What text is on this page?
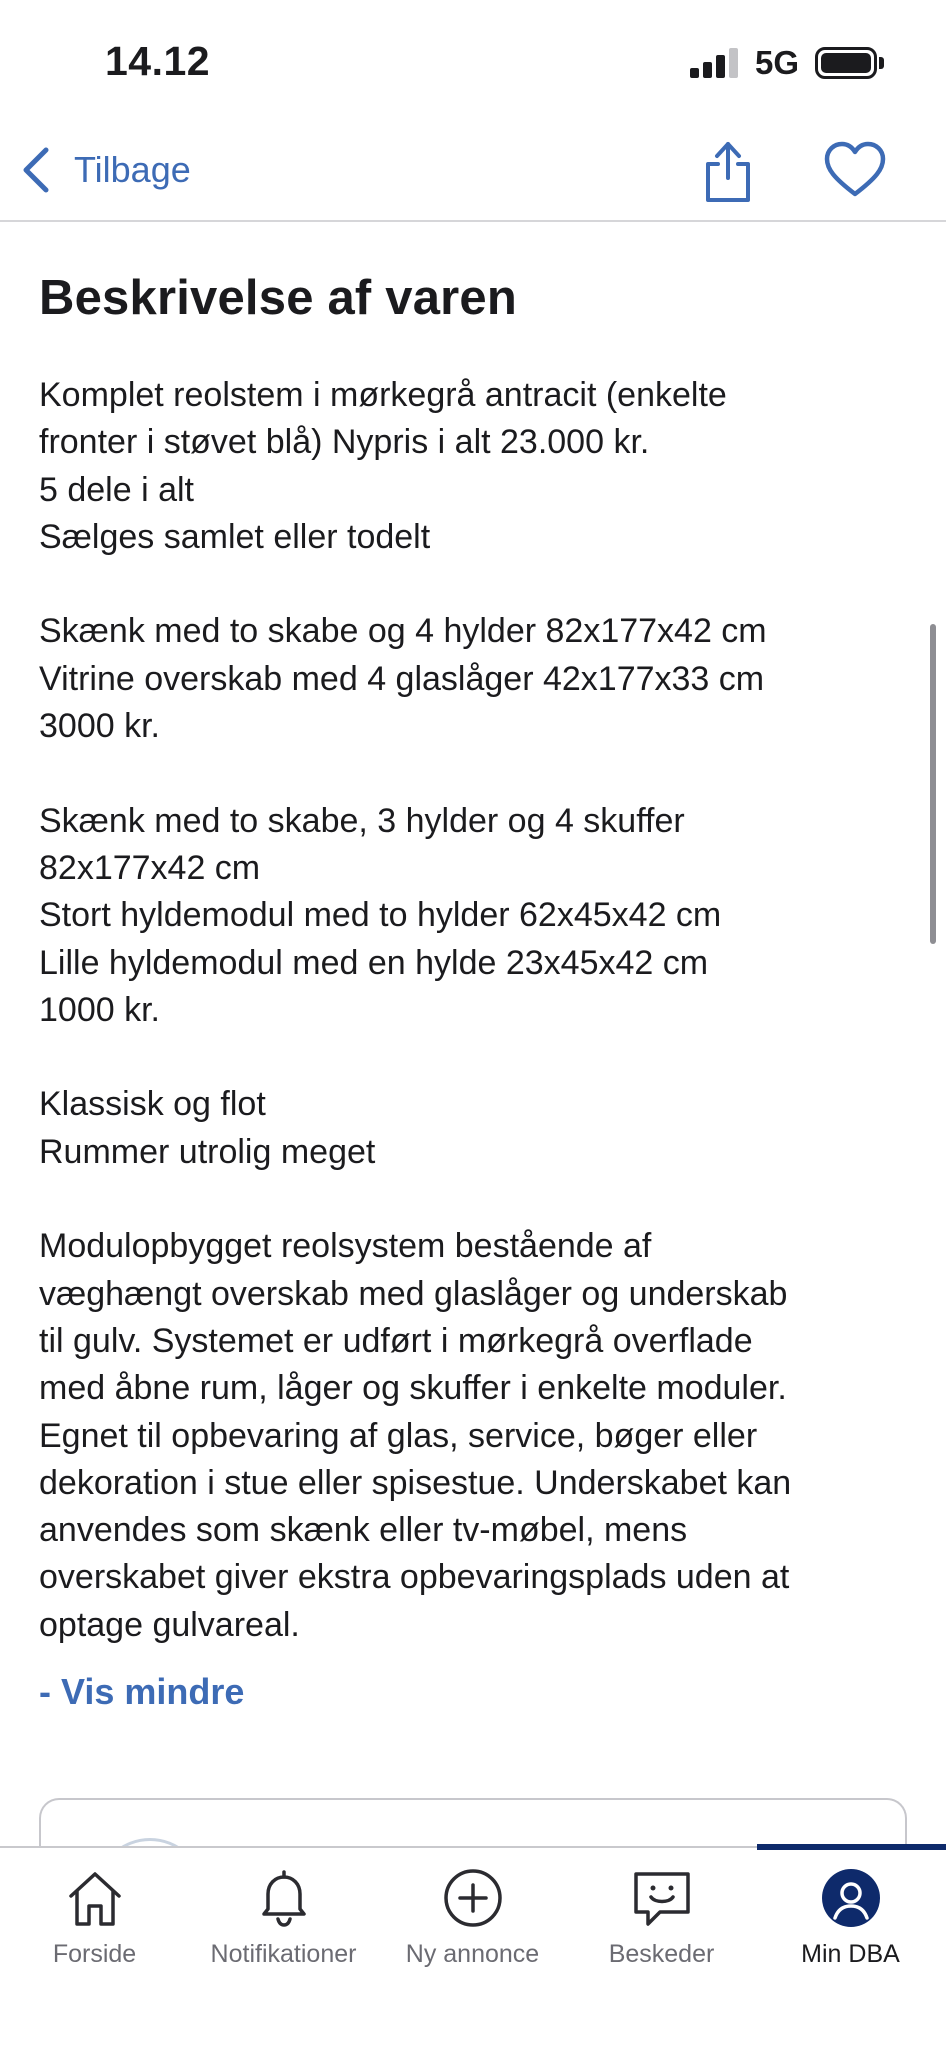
14.12	5G
Tilbage
Beskrivelse af varen

Komplet reolstem i mørkegrå antracit (enkelte

fronter i støvet blå) Nypris i alt 23.000 kr.

5 dele i alt

Sælges samlet eller todelt

Skænk med to skabe og 4 hylder 82x177x42 cm

Vitrine overskab med 4 glaslåger 42x177x33 cm

3000 kr.

Skænk med to skabe, 3 hylder og 4 skuffer

82x177x42 cm

Stort hyldemodul med to hylder 62x45x42 cm

Lille hyldemodul med en hylde 23x45x42 cm

1000 kr.

Klassisk og flot

Rummer utrolig meget

Modulopbygget reolsystem bestående af

væghængt overskab med glaslåger og underskab

til gulv. Systemet er udført i mørkegrå overflade

med åbne rum, låger og skuffer i enkelte moduler.

Egnet til opbevaring af glas, service, bøger eller

dekoration i stue eller spisestue. Underskabet kan

anvendes som skænk eller tv-møbel, mens

overskabet giver ekstra opbevaringsplads uden at

optage gulvareal.

- Vis mindre
Forside	Notifikationer Ny annonce	Beskeder	Min DBA
